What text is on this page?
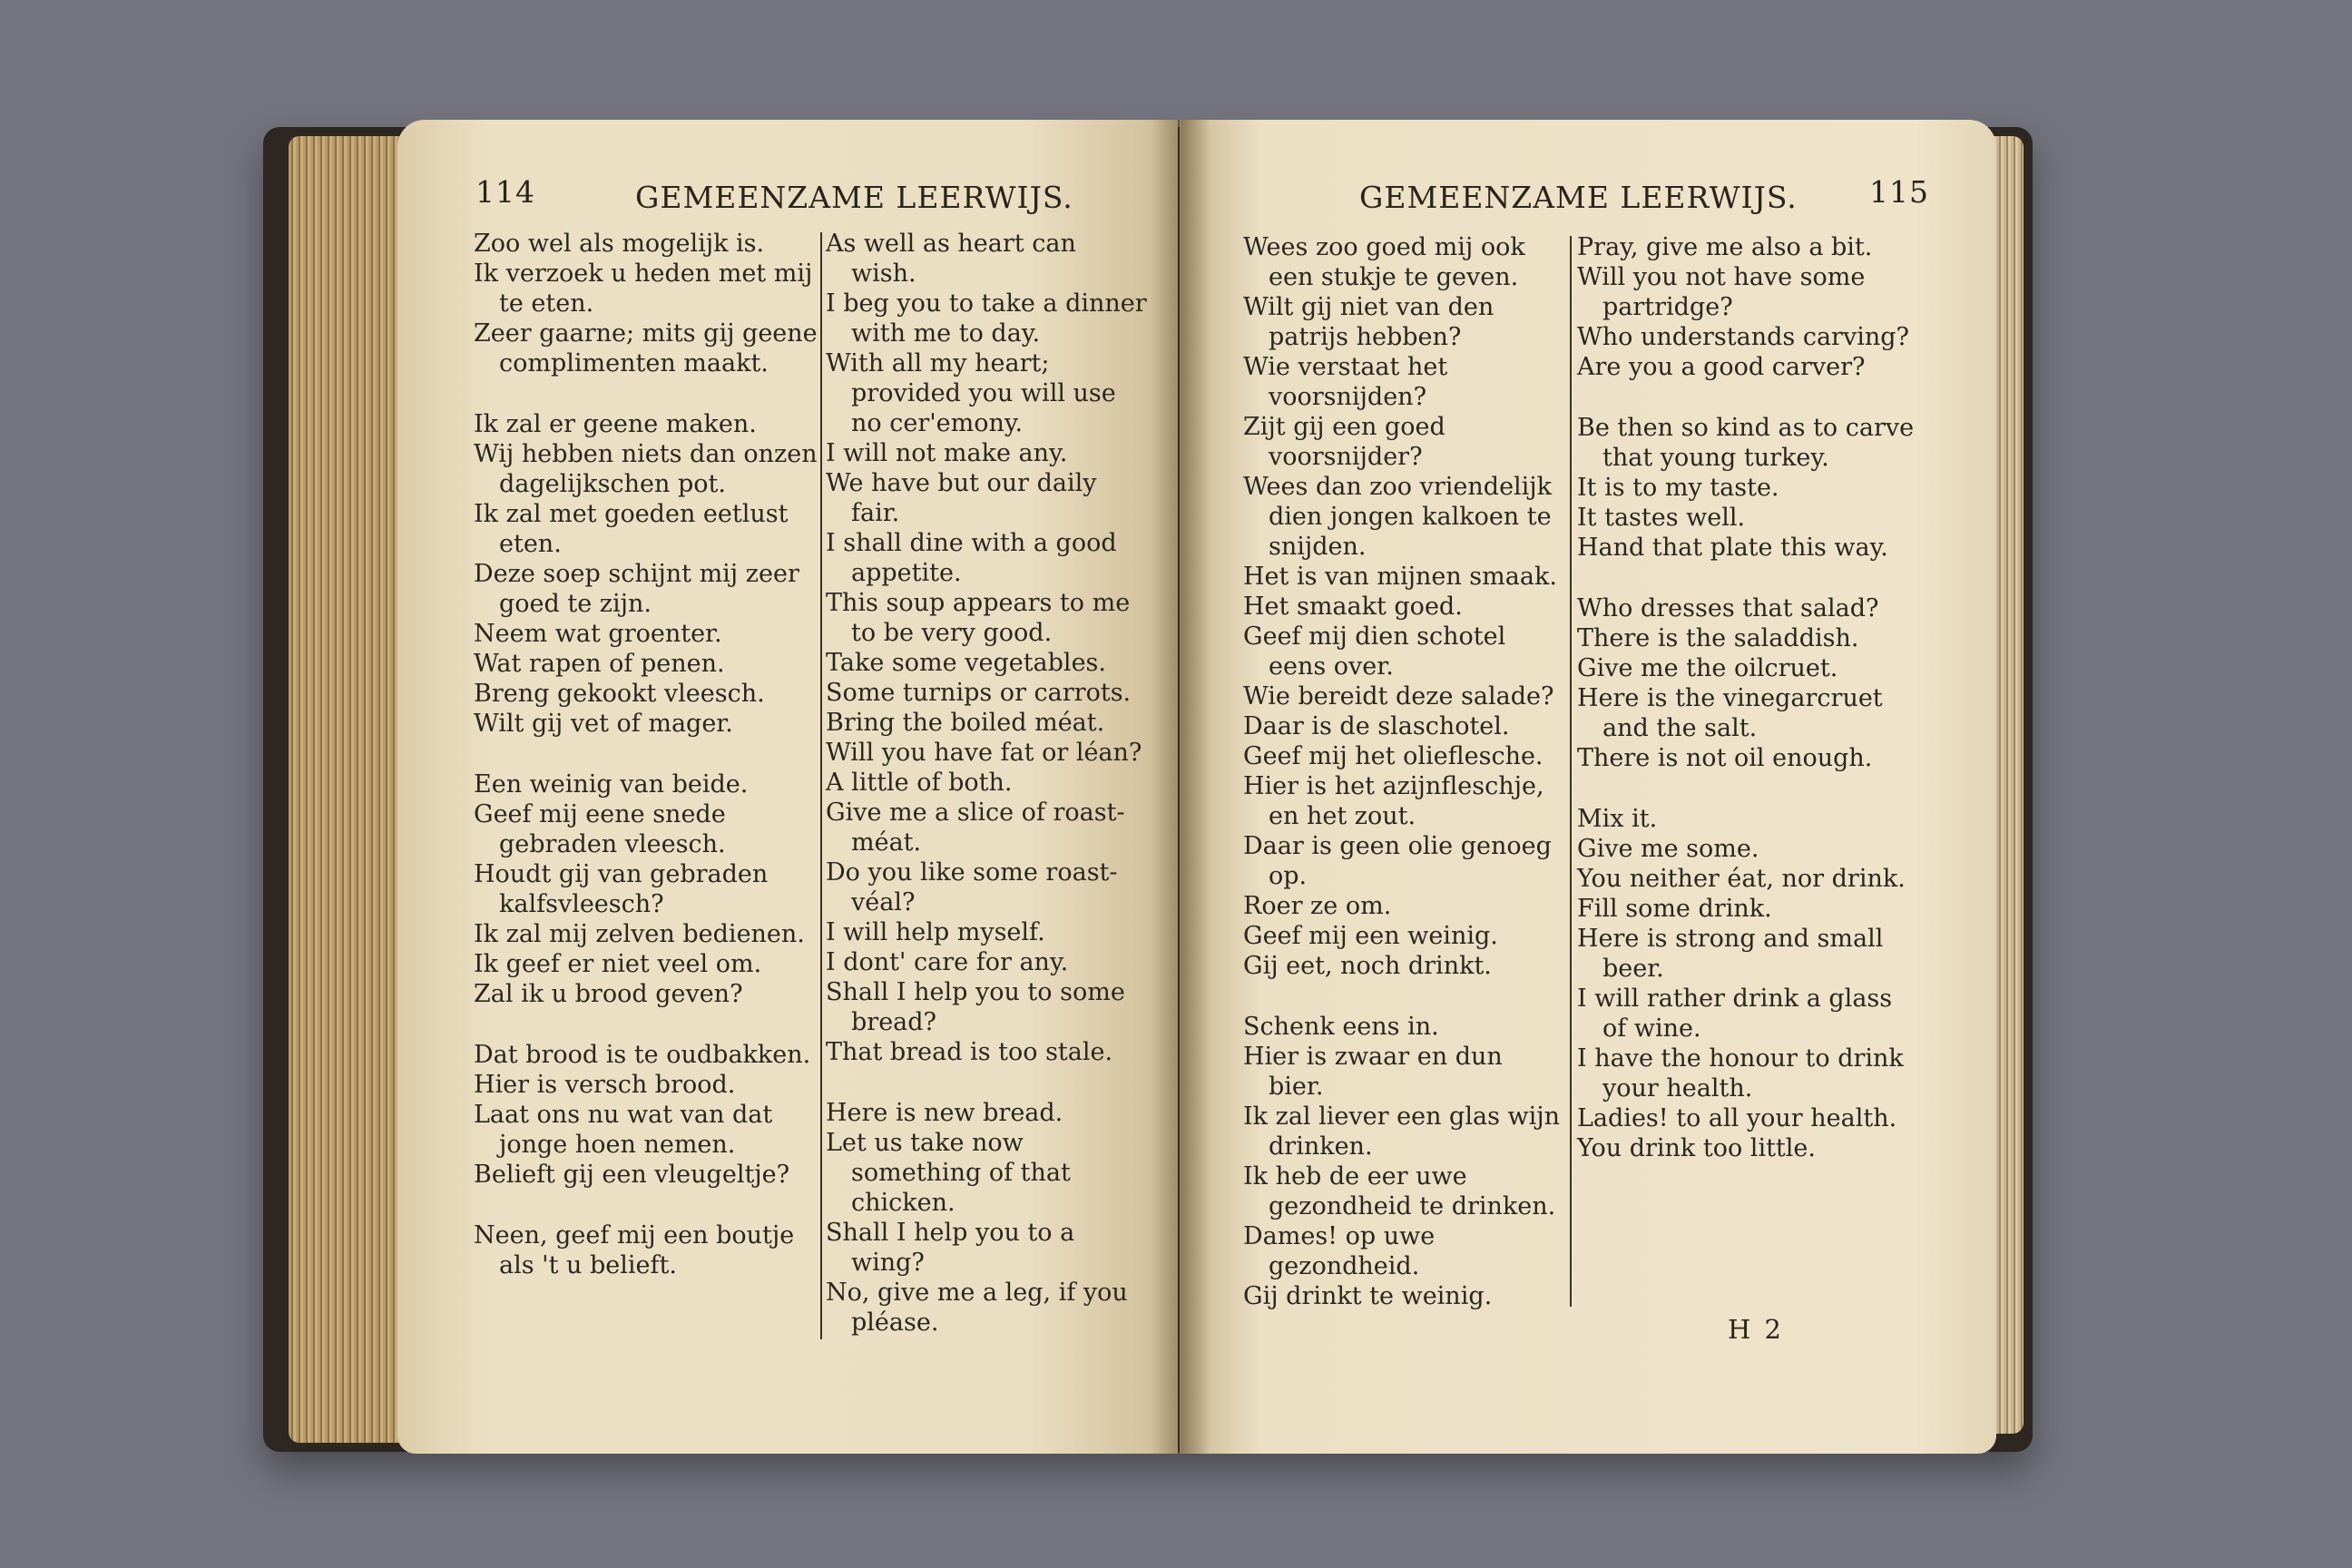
114	GEMEENZAME LEERWIJS.
Zoo wel als mogelijk is.
Ik verzoek u heden met mij te eten.
Zeer gaarne; mits gij geene complimenten maakt.
Ik zal er geene maken.
Wij hebben niets dan onzen dagelijkschen pot.
Ik zal met goeden eetlust eten.
Deze soep schijnt mij zeer goed te zijn.
Neem wat groenter.
Wat rapen of penen.
Breng gekookt vleesch.
Wilt gij vet of mager.
Een weinig van beide.
Geef mij eene snede gebraden vleesch.
Houdt gij van gebraden kalfsvleesch?
Ik zal mij zelven bedienen.
Ik geef er niet veel om.
Zal ik u brood geven?
Dat brood is te oudbakken.
Hier is versch brood.
Laat ons nu wat van dat jonge hoen nemen.
Belieft gij een vleugeltje?
Neen, geef mij een boutje als 't u belieft.
As well as heart can wish.
I beg you to take a dinner with me to day.
With all my heart; provided you will use no cer'emony.
I will not make any.
We have but our daily fair.
I shall dine with a good appetite.
This soup appears to me to be very good.
Take some vegetables.
Some turnips or carrots.
Bring the boiled méat.
Will you have fat or léan?
A little of both.
Give me a slice of roast-méat.
Do you like some roast-véal?
I will help myself.
I dont' care for any.
Shall I help you to some bread?
That bread is too stale.
Here is new bread.
Let us take now something of that chicken.
Shall I help you to a wing?
No, give me a leg, if you pléase.
GEMEENZAME LEERWIJS. 115
Wees zoo goed mij ook een stukje te geven.
Wilt gij niet van den patrijs hebben?
Wie verstaat het voorsnijden?
Zijt gij een goed voorsnijder?
Wees dan zoo vriendelijk dien jongen kalkoen te snijden.
Het is van mijnen smaak.
Het smaakt goed.
Geef mij dien schotel eens over.
Wie bereidt deze salade?
Daar is de slaschotel.
Geef mij het olieflesche.
Hier is het azijnfleschje, en het zout.
Daar is geen olie genoeg op.
Roer ze om.
Geef mij een weinig.
Gij eet, noch drinkt.
Schenk eens in.
Hier is zwaar en dun bier.
Ik zal liever een glas wijn drinken.
Ik heb de eer uwe gezondheid te drinken.
Dames! op uwe gezondheid.
Gij drinkt te weinig.
Pray, give me also a bit.
Will you not have some partridge?
Who understands carving?
Are you a good carver?
Be then so kind as to carve that young turkey.
It is to my taste.
It tastes well.
Hand that plate this way.
Who dresses that salad?
There is the saladdish.
Give me the oilcruet.
Here is the vinegarcruet and the salt.
There is not oil enough.
Mix it.
Give me some.
You neither éat, nor drink.
Fill some drink.
Here is strong and small beer.
I will rather drink a glass of wine.
I have the honour to drink your health.
Ladies! to all your health.
You drink too little.
H 2
